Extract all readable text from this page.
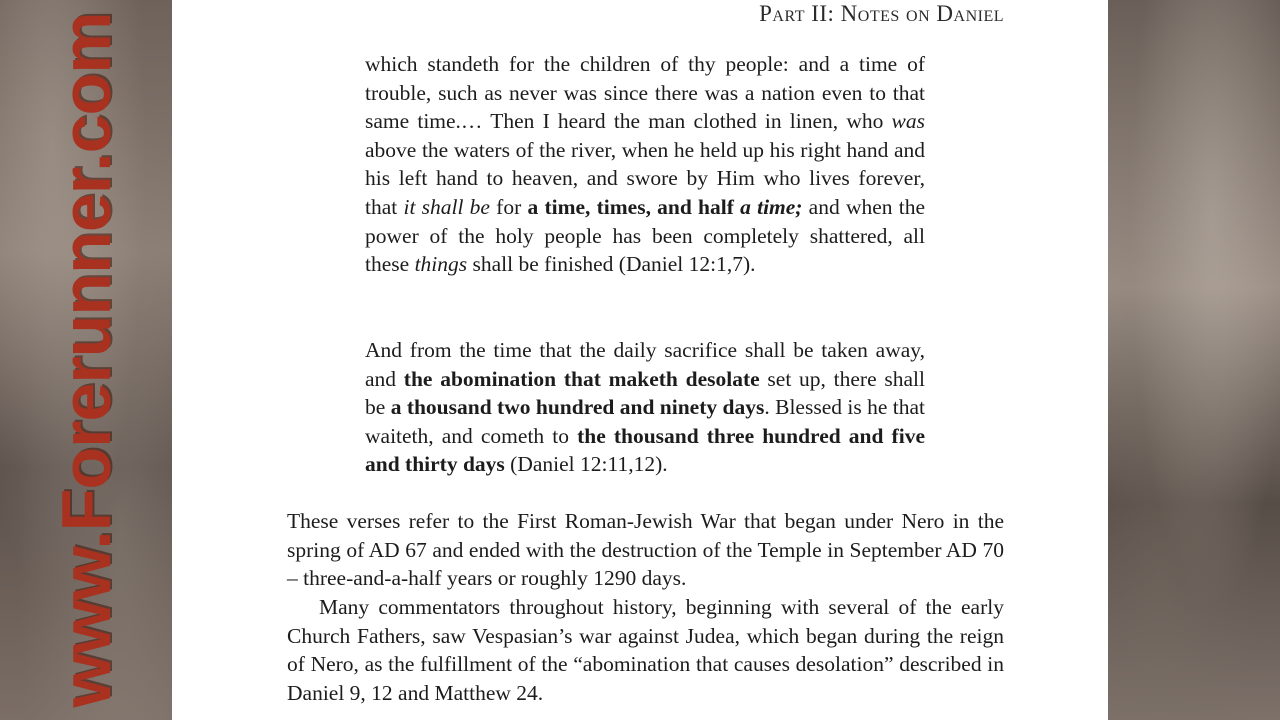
www.Forerunner.com	Part II: Notes on Daniel

which standeth for the children of thy people: and a time of trouble, such as never was since there was a nation even to that same time.… Then I heard the man clothed in linen, who was above the waters of the river, when he held up his right hand and his left hand to heaven, and swore by Him who lives forever, that it shall be for a time, times, and half a time; and when the power of the holy people has been completely shattered, all these things shall be finished (Daniel 12:1,7).

And from the time that the daily sacrifice shall be taken away, and the abomination that maketh desolate set up, there shall be a thousand two hundred and ninety days. Blessed is he that waiteth, and cometh to the thousand three hundred and five and thirty days (Daniel 12:11,12).

These verses refer to the First Roman-Jewish War that began under Nero in the spring of AD 67 and ended with the destruction of the Temple in September AD 70 – three-and-a-half years or roughly 1290 days.

Many commentators throughout history, beginning with several of the early Church Fathers, saw Vespasian’s war against Judea, which began during the reign of Nero, as the fulfillment of the “abomination that causes desolation” described in Daniel 9, 12 and Matthew 24.
